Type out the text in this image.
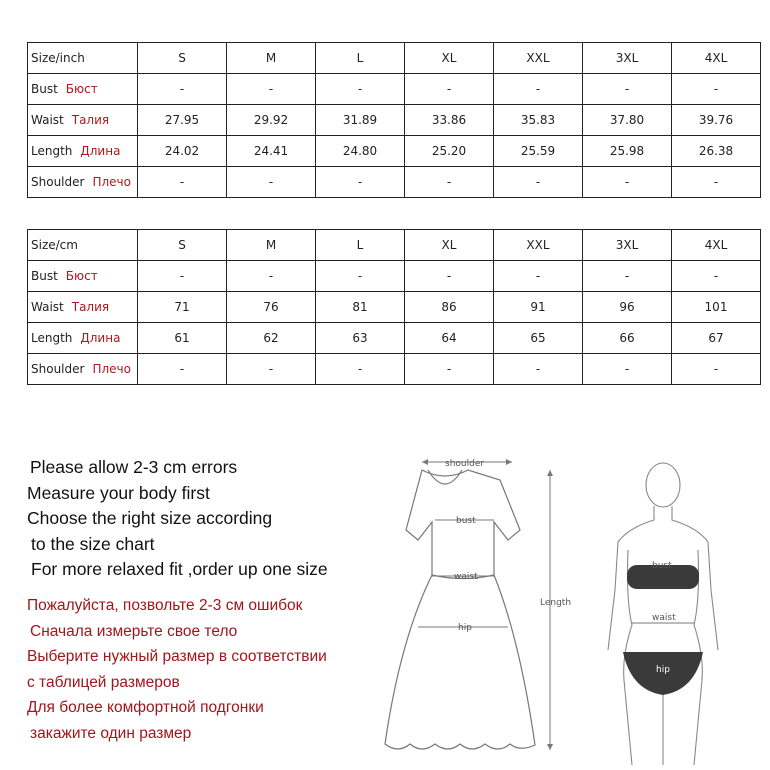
Size/inch	S	M	L	XL	XXL	3XL	4XL
Bust Бюст	-	-	-	-	-	-	-
Waist Талия	27.95	29.92	31.89	33.86	35.83	37.80	39.76
Length Длина	24.02	24.41	24.80	25.20	25.59	25.98	26.38
Shoulder Плечо	-	-	-	-	-	-	-
Size/cm	S	M	L	XL	XXL	3XL	4XL
Bust Бюст	-	-	-	-	-	-	-
Waist Талия	71	76	81	86	91	96	101
Length Длина	61	62	63	64	65	66	67
Shoulder Плечо	-	-	-	-	-	-	-
Please allow 2-3 cm errors
Measure your body first
Choose the right size according
to the size chart
For more relaxed fit ,order up one size
Пожалуйста, позвольте 2-3 см ошибок
Сначала измерьте свое тело
Выберите нужный размер в соответствии
с таблицей размеров
Для более комфортной подгонки
закажите один размер
shoulder
bust
waist
hip
Length
bust
waist
hip
